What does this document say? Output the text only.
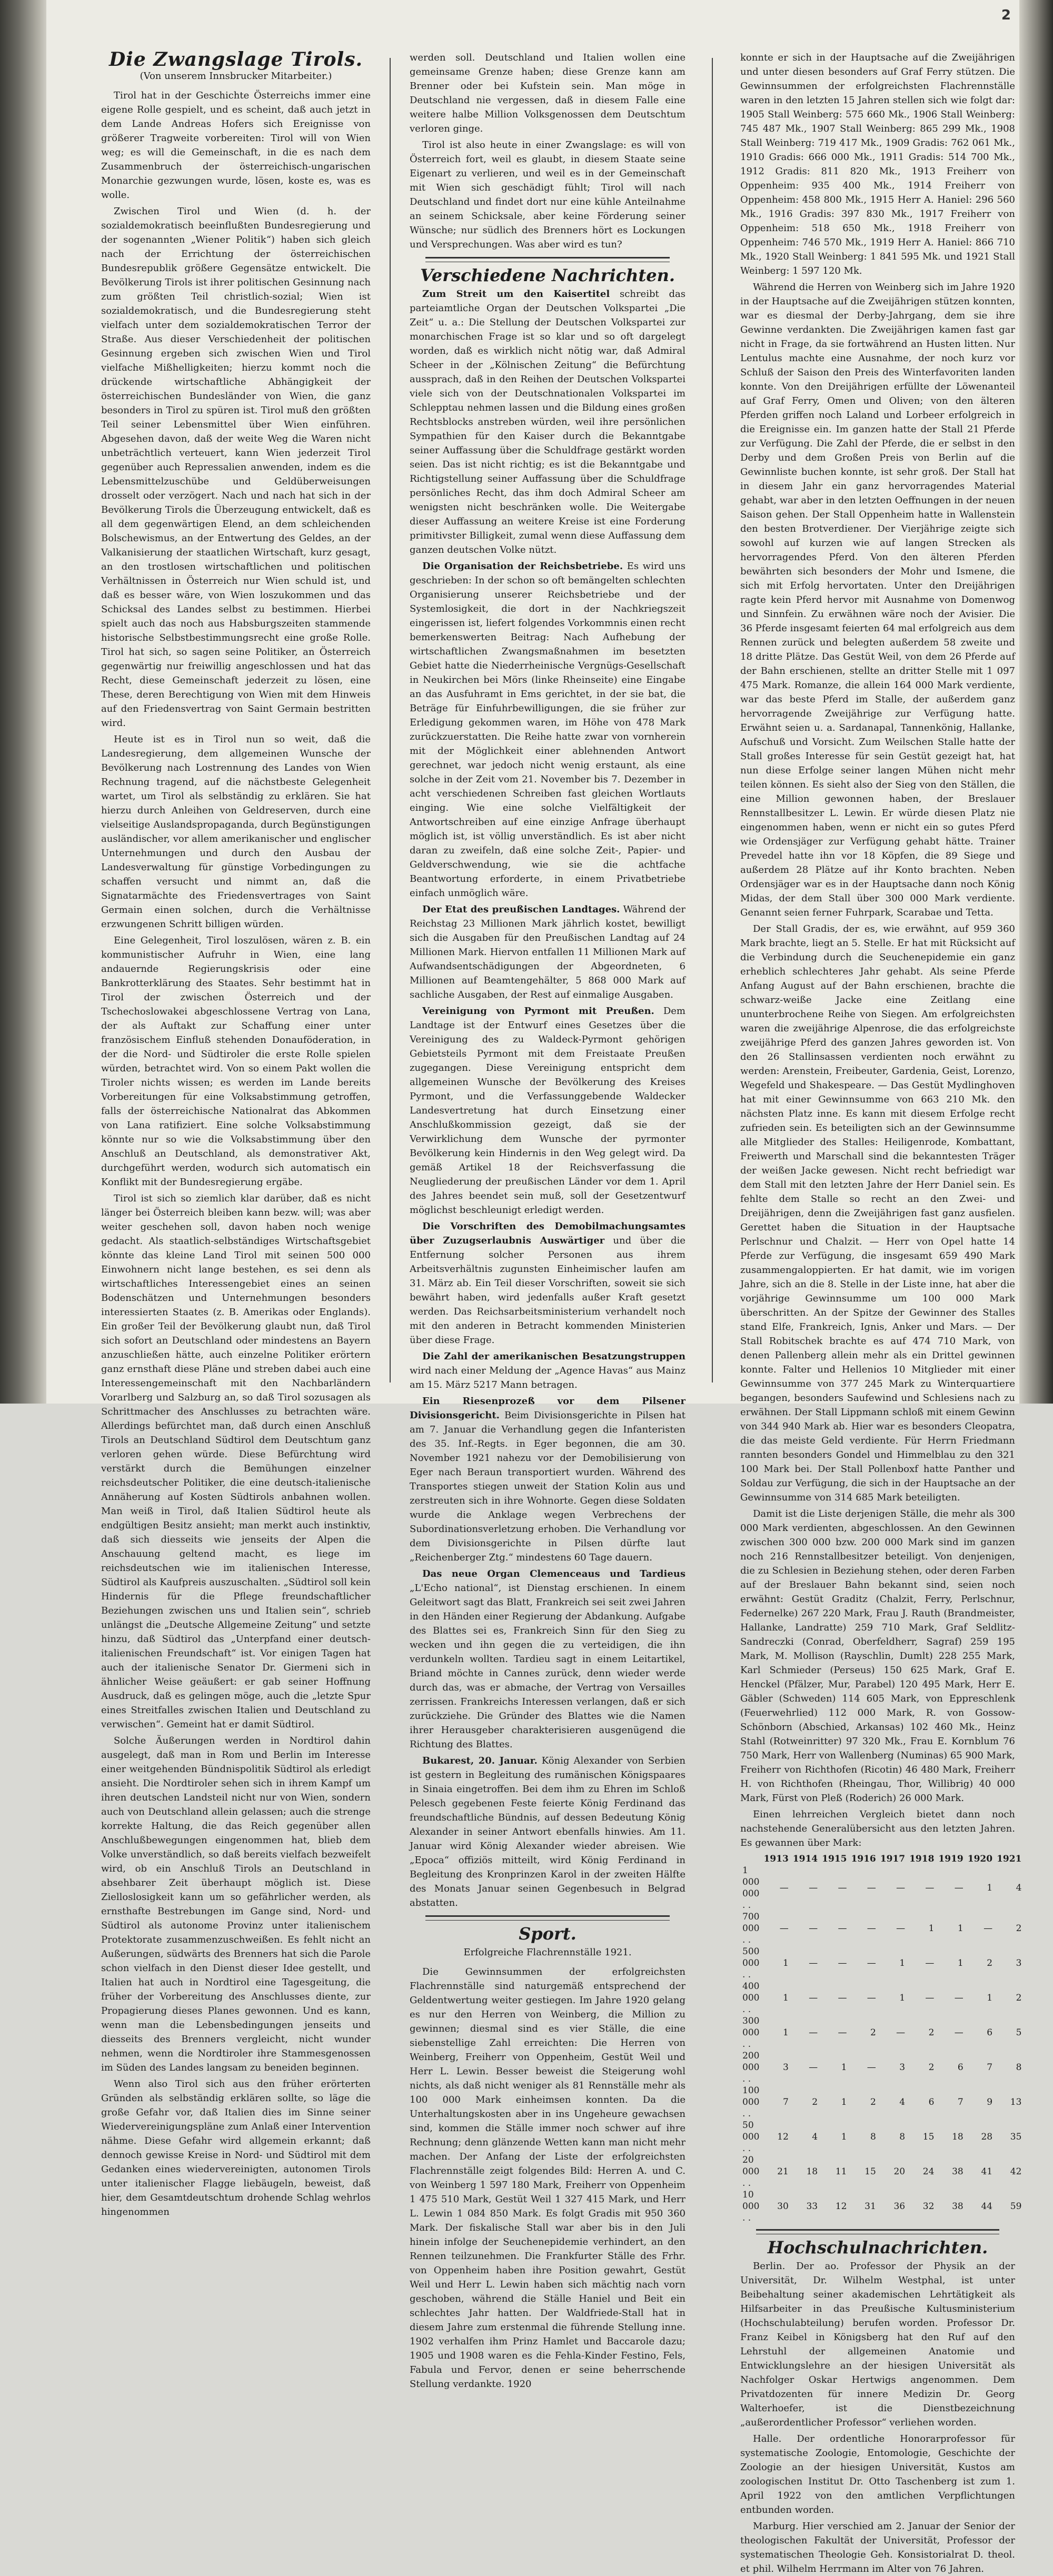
Die Zwangslage Tirols.
(Von unserem Innsbrucker Mitarbeiter.)

Tirol hat in der Geschichte Österreichs immer eine eigene Rolle gespielt, und es scheint, daß auch jetzt in dem Lande Andreas Hofers sich Ereignisse von größerer Tragweite vorbereiten: Tirol will von Wien weg; es will die Gemeinschaft, in die es nach dem Zusammenbruch der österreichisch-ungarischen Monarchie gezwungen wurde, lösen, koste es, was es wolle.

Zwischen Tirol und Wien (d. h. der sozialdemokratisch beeinflußten Bundesregierung und der sogenannten „Wiener Politik“) haben sich gleich nach der Errichtung der österreichischen Bundesrepublik größere Gegensätze entwickelt. Die Bevölkerung Tirols ist ihrer politischen Gesinnung nach zum größten Teil christlich-sozial; Wien ist sozialdemokratisch, und die Bundesregierung steht vielfach unter dem sozialdemokratischen Terror der Straße. Aus dieser Verschiedenheit der politischen Gesinnung ergeben sich zwischen Wien und Tirol vielfache Mißhelligkeiten; hierzu kommt noch die drückende wirtschaftliche Abhängigkeit der österreichischen Bundesländer von Wien, die ganz besonders in Tirol zu spüren ist. Tirol muß den größten Teil seiner Lebensmittel über Wien einführen. Abgesehen davon, daß der weite Weg die Waren nicht unbeträchtlich verteuert, kann Wien jederzeit Tirol gegenüber auch Repressalien anwenden, indem es die Lebensmittelzuschübe und Geldüberweisungen drosselt oder verzögert. Nach und nach hat sich in der Bevölkerung Tirols die Überzeugung entwickelt, daß es all dem gegenwärtigen Elend, an dem schleichenden Bolschewismus, an der Entwertung des Geldes, an der Valkanisierung der staatlichen Wirtschaft, kurz gesagt, an den trostlosen wirtschaftlichen und politischen Verhältnissen in Österreich nur Wien schuld ist, und daß es besser wäre, von Wien loszukommen und das Schicksal des Landes selbst zu bestimmen. Hierbei spielt auch das noch aus Habsburgszeiten stammende historische Selbstbestimmungsrecht eine große Rolle. Tirol hat sich, so sagen seine Politiker, an Österreich gegenwärtig nur freiwillig angeschlossen und hat das Recht, diese Gemeinschaft jederzeit zu lösen, eine These, deren Berechtigung von Wien mit dem Hinweis auf den Friedensvertrag von Saint Germain bestritten wird.

Heute ist es in Tirol nun so weit, daß die Landesregierung, dem allgemeinen Wunsche der Bevölkerung nach Lostrennung des Landes von Wien Rechnung tragend, auf die nächstbeste Gelegenheit wartet, um Tirol als selbständig zu erklären. Sie hat hierzu durch Anleihen von Geldreserven, durch eine vielseitige Auslandspropaganda, durch Begünstigungen ausländischer, vor allem amerikanischer und englischer Unternehmungen und durch den Ausbau der Landesverwaltung für günstige Vorbedingungen zu schaffen versucht und nimmt an, daß die Signatarmächte des Friedensvertrages von Saint Germain einen solchen, durch die Verhältnisse erzwungenen Schritt billigen würden.

Eine Gelegenheit, Tirol loszulösen, wären z. B. ein kommunistischer Aufruhr in Wien, eine lang andauernde Regierungskrisis oder eine Bankrotterklärung des Staates. Sehr bestimmt hat in Tirol der zwischen Österreich und der Tschechoslowakei abgeschlossene Vertrag von Lana, der als Auftakt zur Schaffung einer unter französischem Einfluß stehenden Donauföderation, in der die Nord- und Südtiroler die erste Rolle spielen würden, betrachtet wird. Von so einem Pakt wollen die Tiroler nichts wissen; es werden im Lande bereits Vorbereitungen für eine Volksabstimmung getroffen, falls der österreichische Nationalrat das Abkommen von Lana ratifiziert. Eine solche Volksabstimmung könnte nur so wie die Volksabstimmung über den Anschluß an Deutschland, als demonstrativer Akt, durchgeführt werden, wodurch sich automatisch ein Konflikt mit der Bundesregierung ergäbe.

Tirol ist sich so ziemlich klar darüber, daß es nicht länger bei Österreich bleiben kann bezw. will; was aber weiter geschehen soll, davon haben noch wenige gedacht. Als staatlich-selbständiges Wirtschaftsgebiet könnte das kleine Land Tirol mit seinen 500 000 Einwohnern nicht lange bestehen, es sei denn als wirtschaftliches Interessengebiet eines an seinen Bodenschätzen und Unternehmungen besonders interessierten Staates (z. B. Amerikas oder Englands). Ein großer Teil der Bevölkerung glaubt nun, daß Tirol sich sofort an Deutschland oder mindestens an Bayern anzuschließen hätte, auch einzelne Politiker erörtern ganz ernsthaft diese Pläne und streben dabei auch eine Interessengemeinschaft mit den Nachbarländern Vorarlberg und Salzburg an, so daß Tirol sozusagen als Schrittmacher des Anschlusses zu betrachten wäre. Allerdings befürchtet man, daß durch einen Anschluß Tirols an Deutschland Südtirol dem Deutschtum ganz verloren gehen würde. Diese Befürchtung wird verstärkt durch die Bemühungen einzelner reichsdeutscher Politiker, die eine deutsch-italienische Annäherung auf Kosten Südtirols anbahnen wollen. Man weiß in Tirol, daß Italien Südtirol heute als endgültigen Besitz ansieht; man merkt auch instinktiv, daß sich diesseits wie jenseits der Alpen die Anschauung geltend macht, es liege im reichsdeutschen wie im italienischen Interesse, Südtirol als Kaufpreis auszuschalten. „Südtirol soll kein Hindernis für die Pflege freundschaftlicher Beziehungen zwischen uns und Italien sein“, schrieb unlängst die „Deutsche Allgemeine Zeitung“ und setzte hinzu, daß Südtirol das „Unterpfand einer deutsch-italienischen Freundschaft“ ist. Vor einigen Tagen hat auch der italienische Senator Dr. Giermeni sich in ähnlicher Weise geäußert: er gab seiner Hoffnung Ausdruck, daß es gelingen möge, auch die „letzte Spur eines Streitfalles zwischen Italien und Deutschland zu verwischen“. Gemeint hat er damit Südtirol.

Solche Äußerungen werden in Nordtirol dahin ausgelegt, daß man in Rom und Berlin im Interesse einer weitgehenden Bündnispolitik Südtirol als erledigt ansieht. Die Nordtiroler sehen sich in ihrem Kampf um ihren deutschen Landsteil nicht nur von Wien, sondern auch von Deutschland allein gelassen; auch die strenge korrekte Haltung, die das Reich gegenüber allen Anschlußbewegungen eingenommen hat, blieb dem Volke unverständlich, so daß bereits vielfach bezweifelt wird, ob ein Anschluß Tirols an Deutschland in absehbarer Zeit überhaupt möglich ist. Diese Zielloslosigkeit kann um so gefährlicher werden, als ernsthafte Bestrebungen im Gange sind, Nord- und Südtirol als autonome Provinz unter italienischem Protektorate zusammenzuschweißen. Es fehlt nicht an Außerungen, südwärts des Brenners hat sich die Parole schon vielfach in den Dienst dieser Idee gestellt, und Italien hat auch in Nordtirol eine Tagesgeitung, die früher der Vorbereitung des Anschlusses diente, zur Propagierung dieses Planes gewonnen. Und es kann, wenn man die Lebensbedingungen jenseits und diesseits des Brenners vergleicht, nicht wunder nehmen, wenn die Nordtiroler ihre Stammesgenossen im Süden des Landes langsam zu beneiden beginnen.

Wenn also Tirol sich aus den früher erörterten Gründen als selbständig erklären sollte, so läge die große Gefahr vor, daß Italien dies im Sinne seiner Wiedervereinigungspläne zum Anlaß einer Intervention nähme. Diese Gefahr wird allgemein erkannt; daß dennoch gewisse Kreise in Nord- und Südtirol mit dem Gedanken eines wiedervereinigten, autonomen Tirols unter italienischer Flagge liebäugeln, beweist, daß hier, dem Gesamtdeutschtum drohende Schlag wehrlos hingenommen

werden soll. Deutschland und Italien wollen eine gemeinsame Grenze haben; diese Grenze kann am Brenner oder bei Kufstein sein. Man möge in Deutschland nie vergessen, daß in diesem Falle eine weitere halbe Million Volksgenossen dem Deutschtum verloren ginge.

Tirol ist also heute in einer Zwangslage: es will von Österreich fort, weil es glaubt, in diesem Staate seine Eigenart zu verlieren, und weil es in der Gemeinschaft mit Wien sich geschädigt fühlt; Tirol will nach Deutschland und findet dort nur eine kühle Anteilnahme an seinem Schicksale, aber keine Förderung seiner Wünsche; nur südlich des Brenners hört es Lockungen und Versprechungen. Was aber wird es tun?

Verschiedene Nachrichten.

Zum Streit um den Kaisertitel schreibt das parteiamtliche Organ der Deutschen Volkspartei „Die Zeit“ u. a.: Die Stellung der Deutschen Volkspartei zur monarchischen Frage ist so klar und so oft dargelegt worden, daß es wirklich nicht nötig war, daß Admiral Scheer in der „Kölnischen Zeitung“ die Befürchtung aussprach, daß in den Reihen der Deutschen Volkspartei viele sich von der Deutschnationalen Volkspartei im Schlepptau nehmen lassen und die Bildung eines großen Rechtsblocks anstreben würden, weil ihre persönlichen Sympathien für den Kaiser durch die Bekanntgabe seiner Auffassung über die Schuldfrage gestärkt worden seien. Das ist nicht richtig; es ist die Bekanntgabe und Richtigstellung seiner Auffassung über die Schuldfrage persönliches Recht, das ihm doch Admiral Scheer am wenigsten nicht beschränken wolle. Die Weitergabe dieser Auffassung an weitere Kreise ist eine Forderung primitivster Billigkeit, zumal wenn diese Auffassung dem ganzen deutschen Volke nützt.

Die Organisation der Reichsbetriebe. Es wird uns geschrieben: In der schon so oft bemängelten schlechten Organisierung unserer Reichsbetriebe und der Systemlosigkeit, die dort in der Nachkriegszeit eingerissen ist, liefert folgendes Vorkommnis einen recht bemerkenswerten Beitrag: Nach Aufhebung der wirtschaftlichen Zwangsmaßnahmen im besetzten Gebiet hatte die Niederrheinische Vergnügs-Gesellschaft in Neukirchen bei Mörs (linke Rheinseite) eine Eingabe an das Ausfuhramt in Ems gerichtet, in der sie bat, die Beträge für Einfuhrbewilligungen, die sie früher zur Erledigung gekommen waren, im Höhe von 478 Mark zurückzuerstatten. Die Reihe hatte zwar von vornherein mit der Möglichkeit einer ablehnenden Antwort gerechnet, war jedoch nicht wenig erstaunt, als eine solche in der Zeit vom 21. November bis 7. Dezember in acht verschiedenen Schreiben fast gleichen Wortlauts einging. Wie eine solche Vielfältigkeit der Antwortschreiben auf eine einzige Anfrage überhaupt möglich ist, ist völlig unverständlich. Es ist aber nicht daran zu zweifeln, daß eine solche Zeit-, Papier- und Geldverschwendung, wie sie die achtfache Beantwortung erforderte, in einem Privatbetriebe einfach unmöglich wäre.

Der Etat des preußischen Landtages. Während der Reichstag 23 Millionen Mark jährlich kostet, bewilligt sich die Ausgaben für den Preußischen Landtag auf 24 Millionen Mark. Hiervon entfallen 11 Millionen Mark auf Aufwandsentschädigungen der Abgeordneten, 6 Millionen auf Beamtengehälter, 5 868 000 Mark auf sachliche Ausgaben, der Rest auf einmalige Ausgaben.

Vereinigung von Pyrmont mit Preußen. Dem Landtage ist der Entwurf eines Gesetzes über die Vereinigung des zu Waldeck-Pyrmont gehörigen Gebietsteils Pyrmont mit dem Freistaate Preußen zugegangen. Diese Vereinigung entspricht dem allgemeinen Wunsche der Bevölkerung des Kreises Pyrmont, und die Verfassunggebende Waldecker Landesvertretung hat durch Einsetzung einer Anschlußkommission gezeigt, daß sie der Verwirklichung dem Wunsche der pyrmonter Bevölkerung kein Hindernis in den Weg gelegt wird. Da gemäß Artikel 18 der Reichsverfassung die Neugliederung der preußischen Länder vor dem 1. April des Jahres beendet sein muß, soll der Gesetzentwurf möglichst beschleunigt erledigt werden.

Die Vorschriften des Demobilmachungsamtes über Zuzugserlaubnis Auswärtiger und über die Entfernung solcher Personen aus ihrem Arbeitsverhältnis zugunsten Einheimischer laufen am 31. März ab. Ein Teil dieser Vorschriften, soweit sie sich bewährt haben, wird jedenfalls außer Kraft gesetzt werden. Das Reichsarbeitsministerium verhandelt noch mit den anderen in Betracht kommenden Ministerien über diese Frage.

Die Zahl der amerikanischen Besatzungstruppen wird nach einer Meldung der „Agence Havas“ aus Mainz am 15. März 5217 Mann betragen.

Ein Riesenprozeß vor dem Pilsener Divisionsgericht. Beim Divisionsgerichte in Pilsen hat am 7. Januar die Verhandlung gegen die Infanteristen des 35. Inf.-Regts. in Eger begonnen, die am 30. November 1921 nahezu vor der Demobilisierung von Eger nach Beraun transportiert wurden. Während des Transportes stiegen unweit der Station Kolin aus und zerstreuten sich in ihre Wohnorte. Gegen diese Soldaten wurde die Anklage wegen Verbrechens der Subordinationsverletzung erhoben. Die Verhandlung vor dem Divisionsgerichte in Pilsen dürfte laut „Reichenberger Ztg.“ mindestens 60 Tage dauern.

Das neue Organ Clemenceaus und Tardieus „L'Echo national“, ist Dienstag erschienen. In einem Geleitwort sagt das Blatt, Frankreich sei seit zwei Jahren in den Händen einer Regierung der Abdankung. Aufgabe des Blattes sei es, Frankreich Sinn für den Sieg zu wecken und ihn gegen die zu verteidigen, die ihn verdunkeln wollten. Tardieu sagt in einem Leitartikel, Briand möchte in Cannes zurück, denn wieder werde durch das, was er abmache, der Vertrag von Versailles zerrissen. Frankreichs Interessen verlangen, daß er sich zurückziehe. Die Gründer des Blattes wie die Namen ihrer Herausgeber charakterisieren ausgenügend die Richtung des Blattes.

Bukarest, 20. Januar. König Alexander von Serbien ist gestern in Begleitung des rumänischen Königspaares in Sinaia eingetroffen. Bei dem ihm zu Ehren im Schloß Pelesch gegebenen Feste feierte König Ferdinand das freundschaftliche Bündnis, auf dessen Bedeutung König Alexander in seiner Antwort ebenfalls hinwies. Am 11. Januar wird König Alexander wieder abreisen. Wie „Epoca“ offiziös mitteilt, wird König Ferdinand in Begleitung des Kronprinzen Karol in der zweiten Hälfte des Monats Januar seinen Gegenbesuch in Belgrad abstatten.

Sport.
Erfolgreiche Flachrennställe 1921.

Die Gewinnsummen der erfolgreichsten Flachrennställe sind naturgemäß entsprechend der Geldentwertung weiter gestiegen. Im Jahre 1920 gelang es nur den Herren von Weinberg, die Million zu gewinnen; diesmal sind es vier Ställe, die eine siebenstellige Zahl erreichten: Die Herren von Weinberg, Freiherr von Oppenheim, Gestüt Weil und Herr L. Lewin. Besser beweist die Steigerung wohl nichts, als daß nicht weniger als 81 Rennställe mehr als 100 000 Mark einheimsen konnten. Da die Unterhaltungskosten aber in ins Ungeheure gewachsen sind, kommen die Ställe immer noch schwer auf ihre Rechnung; denn glänzende Wetten kann man nicht mehr machen. Der Anfang der Liste der erfolgreichsten Flachrennställe zeigt folgendes Bild: Herren A. und C. von Weinberg 1 597 180 Mark, Freiherr von Oppenheim 1 475 510 Mark, Gestüt Weil 1 327 415 Mark, und Herr L. Lewin 1 084 850 Mark. Es folgt Gradis mit 950 360 Mark. Der fiskalische Stall war aber bis in den Juli hinein infolge der Seuchenepidemie verhindert, an den Rennen teilzunehmen. Die Frankfurter Ställe des Frhr. von Oppenheim haben ihre Position gewahrt, Gestüt Weil und Herr L. Lewin haben sich mächtig nach vorn geschoben, während die Ställe Haniel und Beit ein schlechtes Jahr hatten. Der Waldfriede-Stall hat in diesem Jahre zum erstenmal die führende Stellung inne. 1902 verhalfen ihm Prinz Hamlet und Baccarole dazu; 1905 und 1908 waren es die Fehla-Kinder Festino, Fels, Fabula und Fervor, denen er seine beherrschende Stellung verdankte. 1920

konnte er sich in der Hauptsache auf die Zweijährigen und unter diesen besonders auf Graf Ferry stützen. Die Gewinnsummen der erfolgreichsten Flachrennställe waren in den letzten 15 Jahren stellen sich wie folgt dar: 1905 Stall Weinberg: 575 660 Mk., 1906 Stall Weinberg: 745 487 Mk., 1907 Stall Weinberg: 865 299 Mk., 1908 Stall Weinberg: 719 417 Mk., 1909 Gradis: 762 061 Mk., 1910 Gradis: 666 000 Mk., 1911 Gradis: 514 700 Mk., 1912 Gradis: 811 820 Mk., 1913 Freiherr von Oppenheim: 935 400 Mk., 1914 Freiherr von Oppenheim: 458 800 Mk., 1915 Herr A. Haniel: 296 560 Mk., 1916 Gradis: 397 830 Mk., 1917 Freiherr von Oppenheim: 518 650 Mk., 1918 Freiherr von Oppenheim: 746 570 Mk., 1919 Herr A. Haniel: 866 710 Mk., 1920 Stall Weinberg: 1 841 595 Mk. und 1921 Stall Weinberg: 1 597 120 Mk.

Während die Herren von Weinberg sich im Jahre 1920 in der Hauptsache auf die Zweijährigen stützen konnten, war es diesmal der Derby-Jahrgang, dem sie ihre Gewinne verdankten. Die Zweijährigen kamen fast gar nicht in Frage, da sie fortwährend an Husten litten. Nur Lentulus machte eine Ausnahme, der noch kurz vor Schluß der Saison den Preis des Winterfavoriten landen konnte. Von den Dreijährigen erfüllte der Löwenanteil auf Graf Ferry, Omen und Oliven; von den älteren Pferden griffen noch Laland und Lorbeer erfolgreich in die Ereignisse ein. Im ganzen hatte der Stall 21 Pferde zur Verfügung. Die Zahl der Pferde, die er selbst in den Derby und dem Großen Preis von Berlin auf die Gewinnliste buchen konnte, ist sehr groß. Der Stall hat in diesem Jahr ein ganz hervorragendes Material gehabt, war aber in den letzten Oeffnungen in der neuen Saison gehen. Der Stall Oppenheim hatte in Wallenstein den besten Brotverdiener. Der Vierjährige zeigte sich sowohl auf kurzen wie auf langen Strecken als hervorragendes Pferd. Von den älteren Pferden bewährten sich besonders der Mohr und Ismene, die sich mit Erfolg hervortaten. Unter den Dreijährigen ragte kein Pferd hervor mit Ausnahme von Domenwog und Sinnfein. Zu erwähnen wäre noch der Avisier. Die 36 Pferde insgesamt feierten 64 mal erfolgreich aus dem Rennen zurück und belegten außerdem 58 zweite und 18 dritte Plätze. Das Gestüt Weil, von dem 26 Pferde auf der Bahn erschienen, stellte an dritter Stelle mit 1 097 475 Mark. Romanze, die allein 164 000 Mark verdiente, war das beste Pferd im Stalle, der außerdem ganz hervorragende Zweijährige zur Verfügung hatte. Erwähnt seien u. a. Sardanapal, Tannenkönig, Hallanke, Aufschuß und Vorsicht. Zum Weilschen Stalle hatte der Stall großes Interesse für sein Gestüt gezeigt hat, hat nun diese Erfolge seiner langen Mühen nicht mehr teilen können. Es sieht also der Sieg von den Ställen, die eine Million gewonnen haben, der Breslauer Rennstallbesitzer L. Lewin. Er würde diesen Platz nie eingenommen haben, wenn er nicht ein so gutes Pferd wie Ordensjäger zur Verfügung gehabt hätte. Trainer Prevedel hatte ihn vor 18 Köpfen, die 89 Siege und außerdem 28 Plätze auf ihr Konto brachten. Neben Ordensjäger war es in der Hauptsache dann noch König Midas, der dem Stall über 300 000 Mark verdiente. Genannt seien ferner Fuhrpark, Scarabae und Tetta.

Der Stall Gradis, der es, wie erwähnt, auf 959 360 Mark brachte, liegt an 5. Stelle. Er hat mit Rücksicht auf die Verbindung durch die Seuchenepidemie ein ganz erheblich schlechteres Jahr gehabt. Als seine Pferde Anfang August auf der Bahn erschienen, brachte die schwarz-weiße Jacke eine Zeitlang eine ununterbrochene Reihe von Siegen. Am erfolgreichsten waren die zweijährige Alpenrose, die das erfolgreichste zweijährige Pferd des ganzen Jahres geworden ist. Von den 26 Stallinsassen verdienten noch erwähnt zu werden: Arenstein, Freibeuter, Gardenia, Geist, Lorenzo, Wegefeld und Shakespeare. — Das Gestüt Mydlinghoven hat mit einer Gewinnsumme von 663 210 Mk. den nächsten Platz inne. Es kann mit diesem Erfolge recht zufrieden sein. Es beteiligten sich an der Gewinnsumme alle Mitglieder des Stalles: Heiligenrode, Kombattant, Freiwerth und Marschall sind die bekanntesten Träger der weißen Jacke gewesen. Nicht recht befriedigt war dem Stall mit den letzten Jahre der Herr Daniel sein. Es fehlte dem Stalle so recht an den Zwei- und Dreijährigen, denn die Zweijährigen fast ganz ausfielen. Gerettet haben die Situation in der Hauptsache Perlschnur und Chalzit. — Herr von Opel hatte 14 Pferde zur Verfügung, die insgesamt 659 490 Mark zusammengaloppierten. Er hat damit, wie im vorigen Jahre, sich an die 8. Stelle in der Liste inne, hat aber die vorjährige Gewinnsumme um 100 000 Mark überschritten. An der Spitze der Gewinner des Stalles stand Elfe, Frankreich, Ignis, Anker und Mars. — Der Stall Robitschek brachte es auf 474 710 Mark, von denen Pallenberg allein mehr als ein Drittel gewinnen konnte. Falter und Hellenios 10 Mitglieder mit einer Gewinnsumme von 377 245 Mark zu Winterquartiere begangen, besonders Saufewind und Schlesiens nach zu erwähnen. Der Stall Lippmann schloß mit einem Gewinn von 344 940 Mark ab. Hier war es besonders Cleopatra, die das meiste Geld verdiente. Für Herrn Friedmann rannten besonders Gondel und Himmelblau zu den 321 100 Mark bei. Der Stall Pollenboxf hatte Panther und Soldau zur Verfügung, die sich in der Hauptsache an der Gewinnsumme von 314 685 Mark beteiligten.

Damit ist die Liste derjenigen Ställe, die mehr als 300 000 Mark verdienten, abgeschlossen. An den Gewinnen zwischen 300 000 bzw. 200 000 Mark sind im ganzen noch 216 Rennstallbesitzer beteiligt. Von denjenigen, die zu Schlesien in Beziehung stehen, oder deren Farben auf der Breslauer Bahn bekannt sind, seien noch erwähnt: Gestüt Graditz (Chalzit, Ferry, Perlschnur, Federnelke) 267 220 Mark, Frau J. Rauth (Brandmeister, Hallanke, Landratte) 259 710 Mark, Graf Seldlitz-Sandreczki (Conrad, Oberfeldherr, Sagraf) 259 195 Mark, M. Mollison (Rayschlin, Dumlt) 228 255 Mark, Karl Schmieder (Perseus) 150 625 Mark, Graf E. Henckel (Pfälzer, Mur, Parabel) 120 495 Mark, Herr E. Gäbler (Schweden) 114 605 Mark, von Eppreschlenk (Feuerwehrlied) 112 000 Mark, R. von Gossow-Schönborn (Abschied, Arkansas) 102 460 Mk., Heinz Stahl (Rotweinritter) 97 320 Mk., Frau E. Kornblum 76 750 Mark, Herr von Wallenberg (Numinas) 65 900 Mark, Freiherr von Richthofen (Ricotin) 46 480 Mark, Freiherr H. von Richthofen (Rheingau, Thor, Willibrig) 40 000 Mark, Fürst von Pleß (Roderich) 26 000 Mark.

Einen lehrreichen Vergleich bietet dann noch nachstehende Generalübersicht aus den letzten Jahren. Es gewannen über Mark:

	1913	1914	1915	1916	1917	1918	1919	1920	1921
1 000 000 . .	—	—	—	—	—	—	—	1	4
700 000 . .	—	—	—	—	—	1	1	—	2
500 000 . .	1	—	—	—	1	—	1	2	3
400 000 . .	1	—	—	—	1	—	—	1	2
300 000 . .	1	—	—	2	—	2	—	6	5
200 000 . .	3	—	1	—	3	2	6	7	8
100 000 . .	7	2	1	2	4	6	7	9	13
50 000 . .	12	4	1	8	8	15	18	28	35
20 000 . .	21	18	11	15	20	24	38	41	42
10 000 . .	30	33	12	31	36	32	38	44	59
Hochschulnachrichten.

Berlin. Der ao. Professor der Physik an der Universität, Dr. Wilhelm Westphal, ist unter Beibehaltung seiner akademischen Lehrtätigkeit als Hilfsarbeiter in das Preußische Kultusministerium (Hochschulabteilung) berufen worden. Professor Dr. Franz Keibel in Königsberg hat den Ruf auf den Lehrstuhl der allgemeinen Anatomie und Entwicklungslehre an der hiesigen Universität als Nachfolger Oskar Hertwigs angenommen. Dem Privatdozenten für innere Medizin Dr. Georg Walterhoefer, ist die Dienstbezeichnung „außerordentlicher Professor“ verliehen worden.

Halle. Der ordentliche Honorarprofessor für systematische Zoologie, Entomologie, Geschichte der Zoologie an der hiesigen Universität, Kustos am zoologischen Institut Dr. Otto Taschenberg ist zum 1. April 1922 von den amtlichen Verpflichtungen entbunden worden.

Marburg. Hier verschied am 2. Januar der Senior der theologischen Fakultät der Universität, Professor der systematischen Theologie Geh. Konsistorialrat D. theol. et phil. Wilhelm Herrmann im Alter von 76 Jahren.

2
